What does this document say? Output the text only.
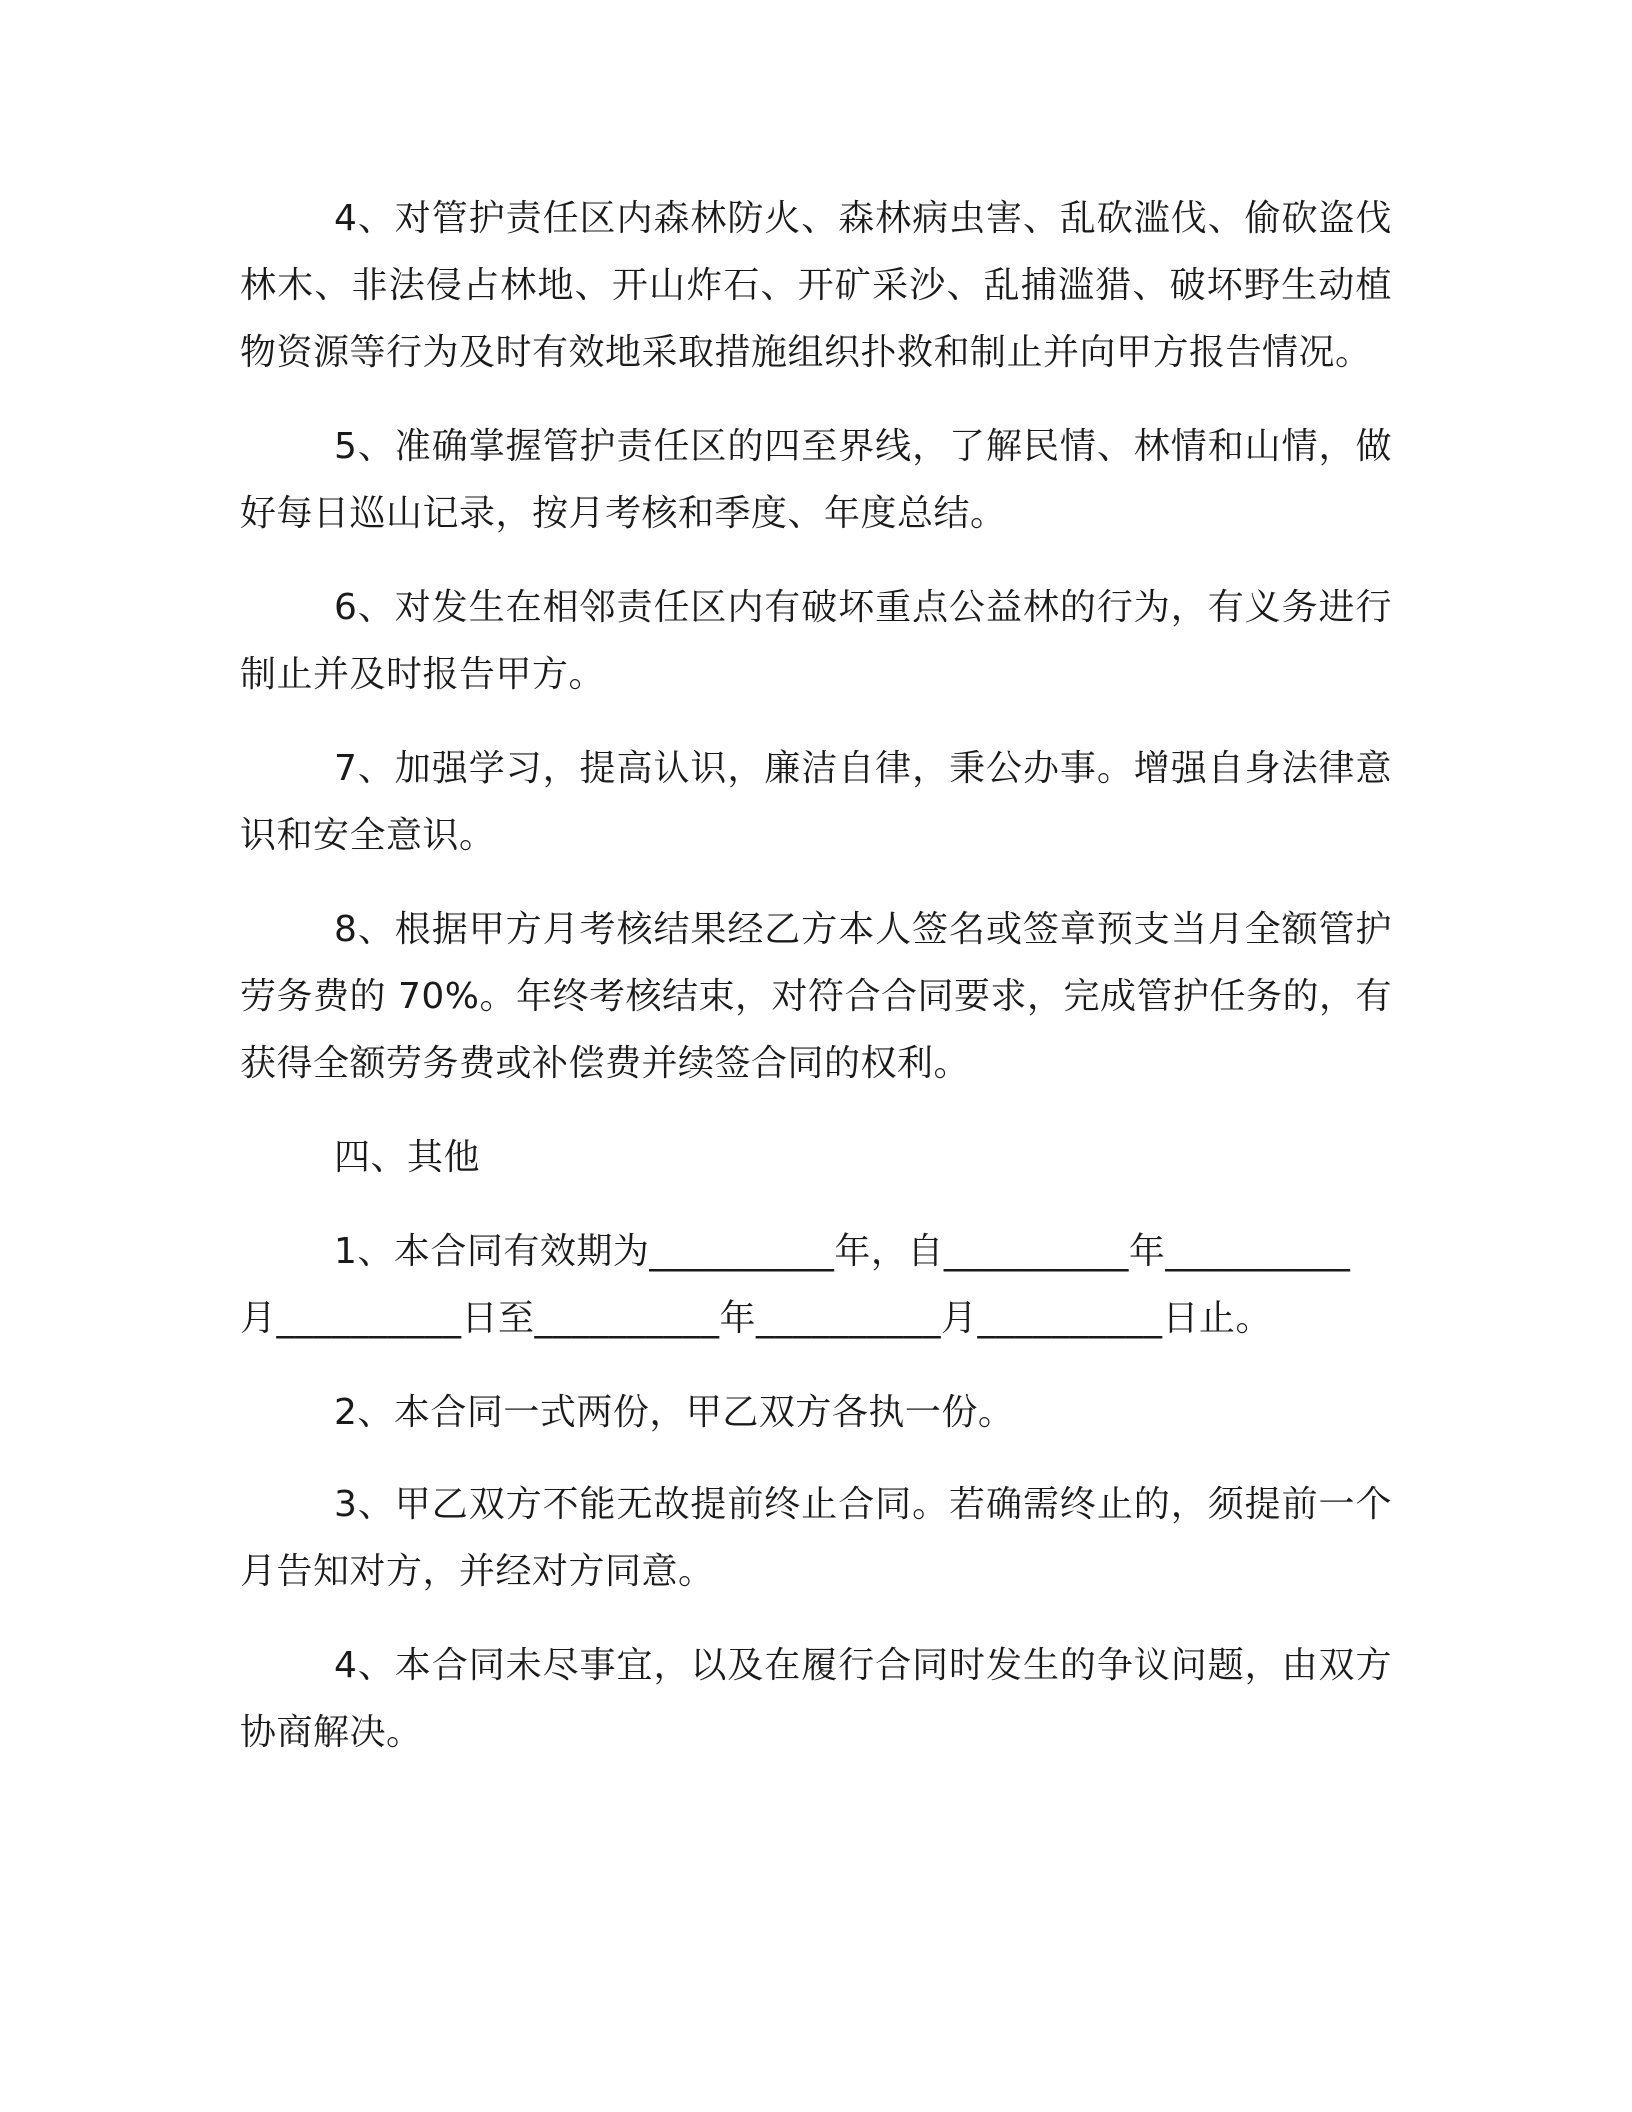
4、对管护责任区内森林防火、森林病虫害、乱砍滥伐、偷砍盗伐林木、非法侵占林地、开山炸石、开矿采沙、乱捕滥猎、破坏野生动植物资源等行为及时有效地采取措施组织扑救和制止并向甲方报告情况。

5、准确掌握管护责任区的四至界线，了解民情、林情和山情，做好每日巡山记录，按月考核和季度、年度总结。

6、对发生在相邻责任区内有破坏重点公益林的行为，有义务进行制止并及时报告甲方。

7、加强学习，提高认识，廉洁自律，秉公办事。增强自身法律意识和安全意识。

8、根据甲方月考核结果经乙方本人签名或签章预支当月全额管护劳务费的 70%。年终考核结束，对符合合同要求，完成管护任务的，有获得全额劳务费或补偿费并续签合同的权利。

四、其他

1、本合同有效期为__________年，自__________年__________
月__________日至__________年__________月__________日止。

2、本合同一式两份，甲乙双方各执一份。

3、甲乙双方不能无故提前终止合同。若确需终止的，须提前一个月告知对方，并经对方同意。

4、本合同未尽事宜，以及在履行合同时发生的争议问题，由双方协商解决。
